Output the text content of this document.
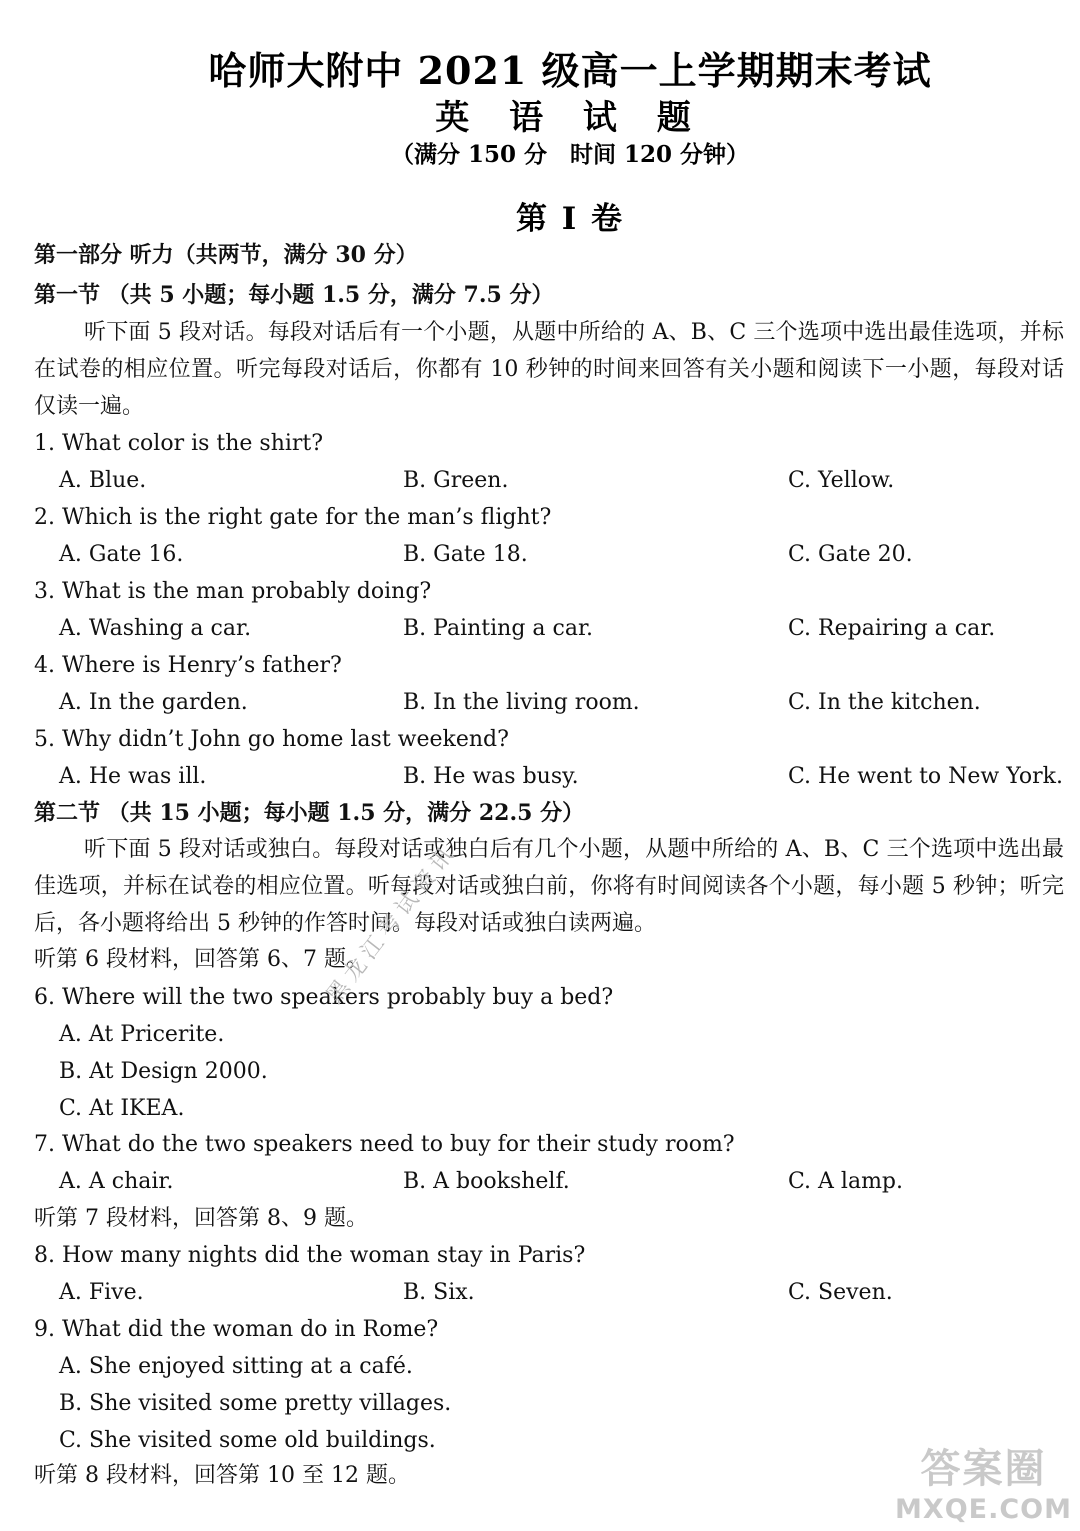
哈师大附中 2021 级高一上学期期末考试
英 语 试 题
（满分 150 分　时间 120 分钟）
第 I 卷
第一部分 听力（共两节，满分 30 分）
第一节 （共 5 小题；每小题 1.5 分，满分 7.5 分）
听下面 5 段对话。每段对话后有一个小题，从题中所给的 A、B、C 三个选项中选出最佳选项，并标在试卷的相应位置。听完每段对话后，你都有 10 秒钟的时间来回答有关小题和阅读下一小题，每段对话仅读一遍。
1. What color is the shirt?
A. Blue.	B. Green.	C. Yellow.
2. Which is the right gate for the man’s flight?
A. Gate 16.	B. Gate 18.	C. Gate 20.
3. What is the man probably doing?
A. Washing a car.	B. Painting a car.	C. Repairing a car.
4. Where is Henry’s father?
A. In the garden.	B. In the living room.	C. In the kitchen.
5. Why didn’t John go home last weekend?
A. He was ill.	B. He was busy.	C. He went to New York.
第二节 （共 15 小题；每小题 1.5 分，满分 22.5 分）
听下面 5 段对话或独白。每段对话或独白后有几个小题，从题中所给的 A、B、C 三个选项中选出最佳选项，并标在试卷的相应位置。听每段对话或独白前，你将有时间阅读各个小题，每小题 5 秒钟；听完后，各小题将给出 5 秒钟的作答时间。每段对话或独白读两遍。
听第 6 段材料，回答第 6、7 题。
6. Where will the two speakers probably buy a bed?
A. At Pricerite.
B. At Design 2000.
C. At IKEA.
7. What do the two speakers need to buy for their study room?
A. A chair.	B. A bookshelf.	C. A lamp.
听第 7 段材料，回答第 8、9 题。
8. How many nights did the woman stay in Paris?
A. Five.	B. Six.	C. Seven.
9. What did the woman do in Rome?
A. She enjoyed sitting at a café.
B. She visited some pretty villages.
C. She visited some old buildings.
听第 8 段材料，回答第 10 至 12 题。
黑龙江考试资讯
答案圈
MXQE.COM
